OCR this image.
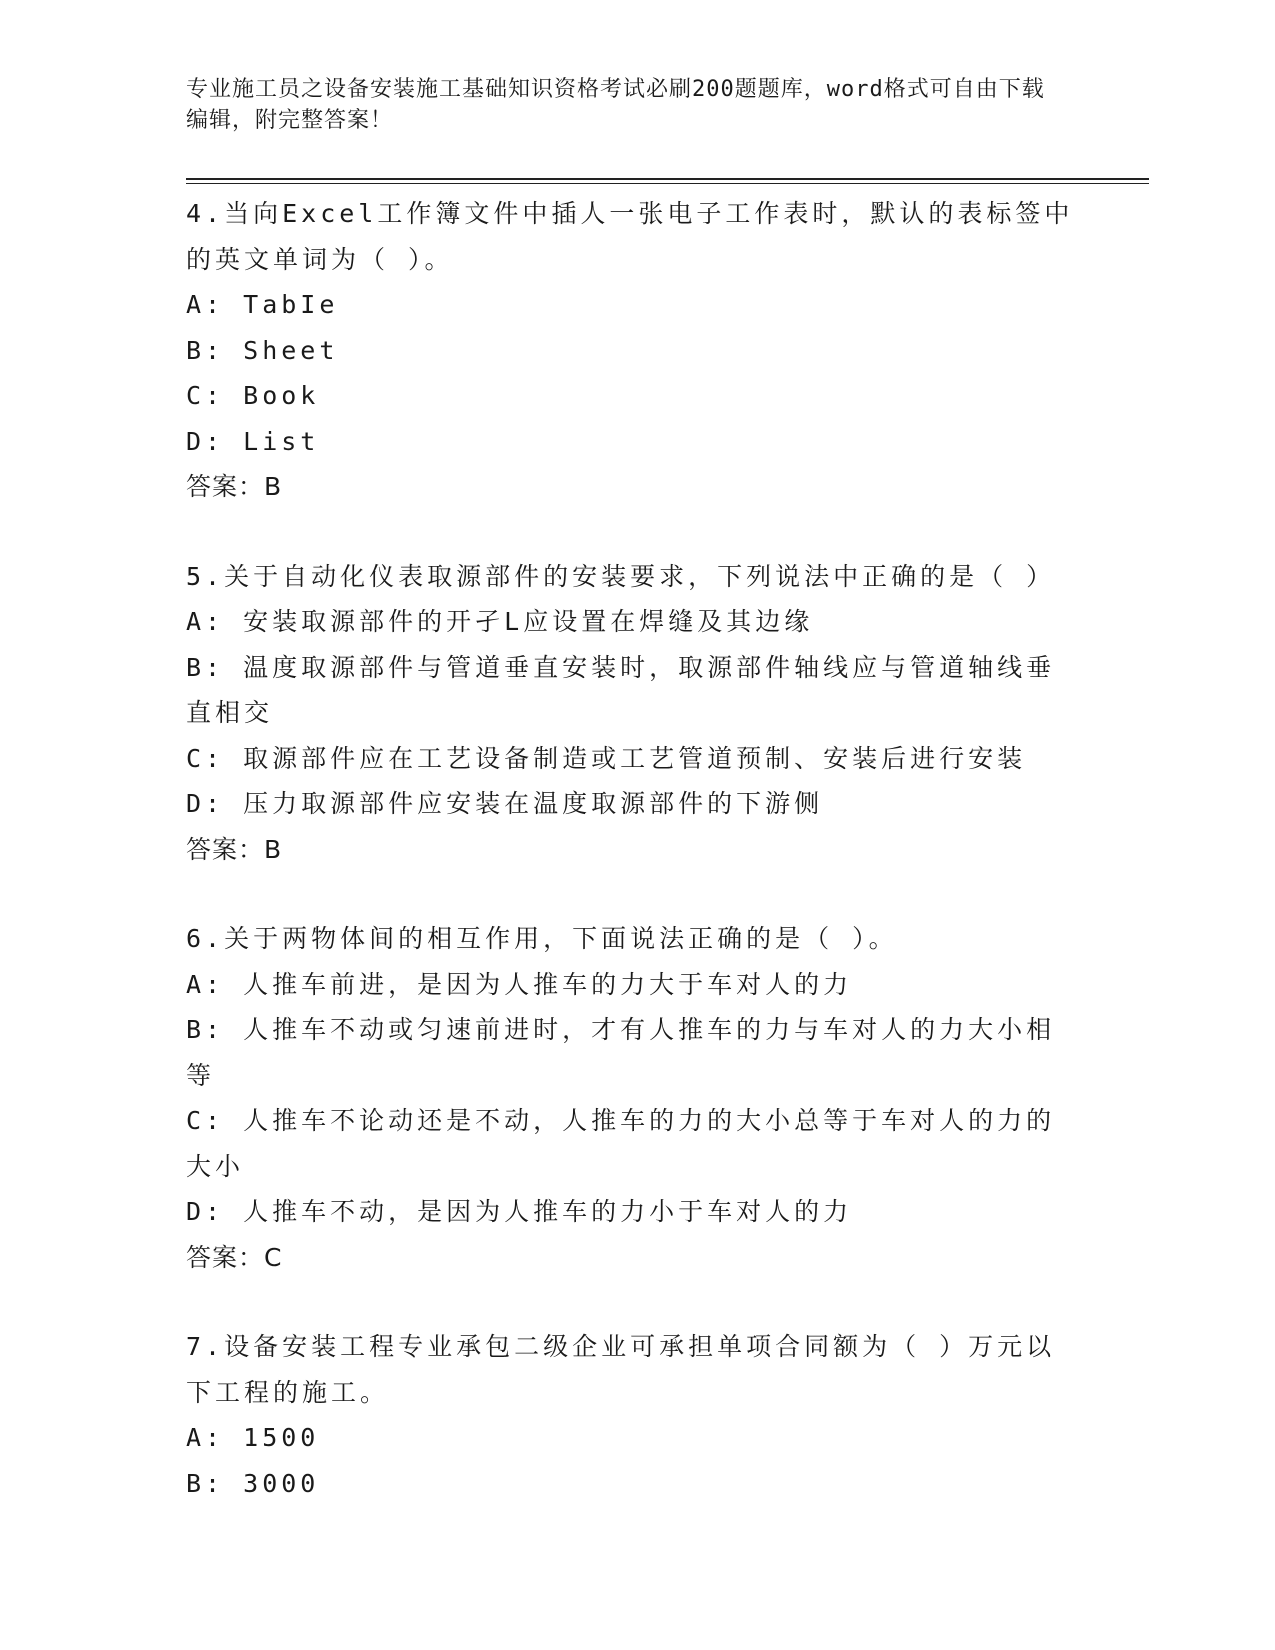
专业施工员之设备安装施工基础知识资格考试必刷200题题库，word格式可自由下载编辑，附完整答案！
4.当向Excel工作簿文件中插人一张电子工作表时，默认的表标签中的英文单词为（ ）。
A: TabIe
B: Sheet
C: Book
D: List
答案：B
5.关于自动化仪表取源部件的安装要求，下列说法中正确的是（ ）
A: 安装取源部件的开孑L应设置在焊缝及其边缘
B: 温度取源部件与管道垂直安装时，取源部件轴线应与管道轴线垂直相交
C: 取源部件应在工艺设备制造或工艺管道预制、安装后进行安装
D: 压力取源部件应安装在温度取源部件的下游侧
答案：B
6.关于两物体间的相互作用，下面说法正确的是（ ）。
A: 人推车前进，是因为人推车的力大于车对人的力
B: 人推车不动或匀速前进时，才有人推车的力与车对人的力大小相等
C: 人推车不论动还是不动，人推车的力的大小总等于车对人的力的大小
D: 人推车不动，是因为人推车的力小于车对人的力
答案：C
7.设备安装工程专业承包二级企业可承担单项合同额为（ ）万元以下工程的施工。
A: 1500
B: 3000
